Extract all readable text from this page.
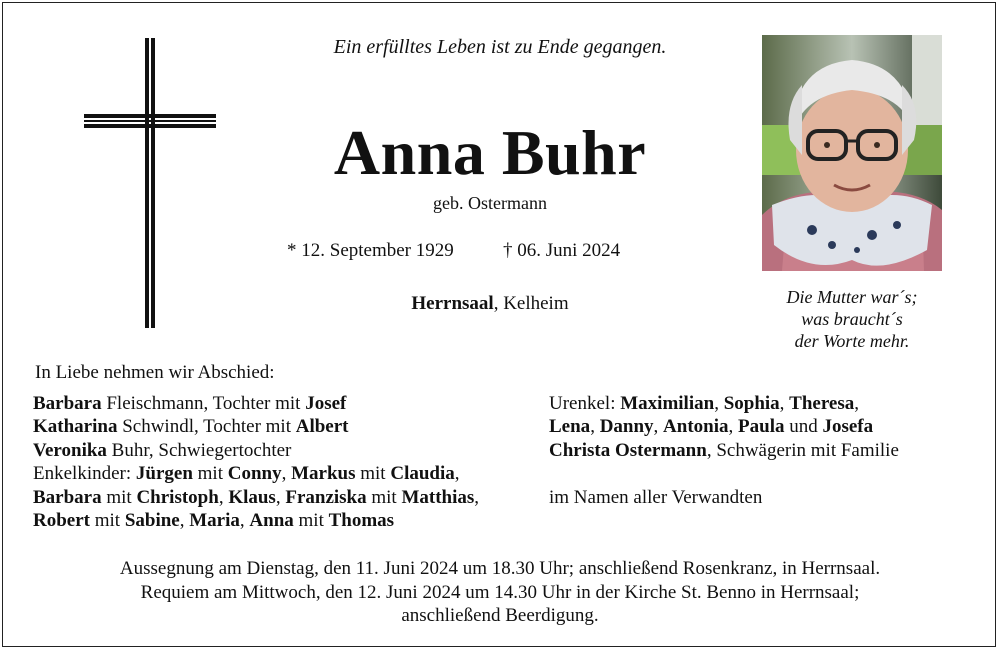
Ein erfülltes Leben ist zu Ende gegangen.
Anna Buhr
geb. Ostermann
* 12. September 1929	† 06. Juni 2024
Herrnsaal, Kelheim	Die Mutter war´s;
was braucht´s
der Worte mehr.
In Liebe nehmen wir Abschied:
Barbara Fleischmann, Tochter mit Josef
Katharina Schwindl, Tochter mit Albert
Veronika Buhr, Schwiegertochter
Enkelkinder: Jürgen mit Conny, Markus mit Claudia,
Barbara mit Christoph, Klaus, Franziska mit Matthias,
Robert mit Sabine, Maria, Anna mit Thomas
Urenkel: Maximilian, Sophia, Theresa,
Lena, Danny, Antonia, Paula und Josefa
Christa Ostermann, Schwägerin mit Familie

im Namen aller Verwandten
Aussegnung am Dienstag, den 11. Juni 2024 um 18.30 Uhr; anschließend Rosenkranz, in Herrnsaal.
Requiem am Mittwoch, den 12. Juni 2024 um 14.30 Uhr in der Kirche St. Benno in Herrnsaal;
anschließend Beerdigung.
